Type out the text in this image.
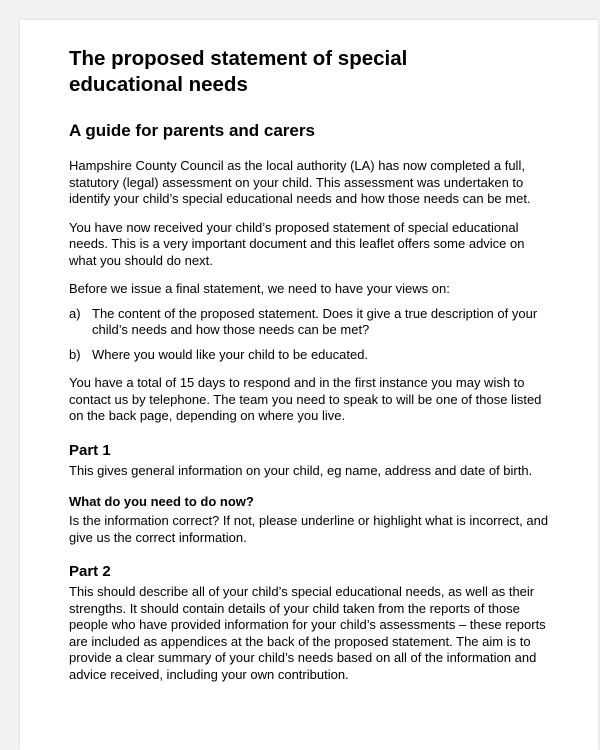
The proposed statement of special
educational needs
A guide for parents and carers

Hampshire County Council as the local authority (LA) has now completed a full, statutory (legal) assessment on your child. This assessment was undertaken to identify your child’s special educational needs and how those needs can be met.

You have now received your child’s proposed statement of special educational needs. This is a very important document and this leaflet offers some advice on what you should do next.

Before we issue a final statement, we need to have your views on:

a) The content of the proposed statement. Does it give a true description of your child’s needs and how those needs can be met?
b) Where you would like your child to be educated.

You have a total of 15 days to respond and in the first instance you may wish to contact us by telephone. The team you need to speak to will be one of those listed on the back page, depending on where you live.

Part 1

This gives general information on your child, eg name, address and date of birth.

What do you need to do now?

Is the information correct? If not, please underline or highlight what is incorrect, and give us the correct information.

Part 2

This should describe all of your child’s special educational needs, as well as their strengths. It should contain details of your child taken from the reports of those people who have provided information for your child’s assessments – these reports are included as appendices at the back of the proposed statement. The aim is to provide a clear summary of your child’s needs based on all of the information and advice received, including your own contribution.
